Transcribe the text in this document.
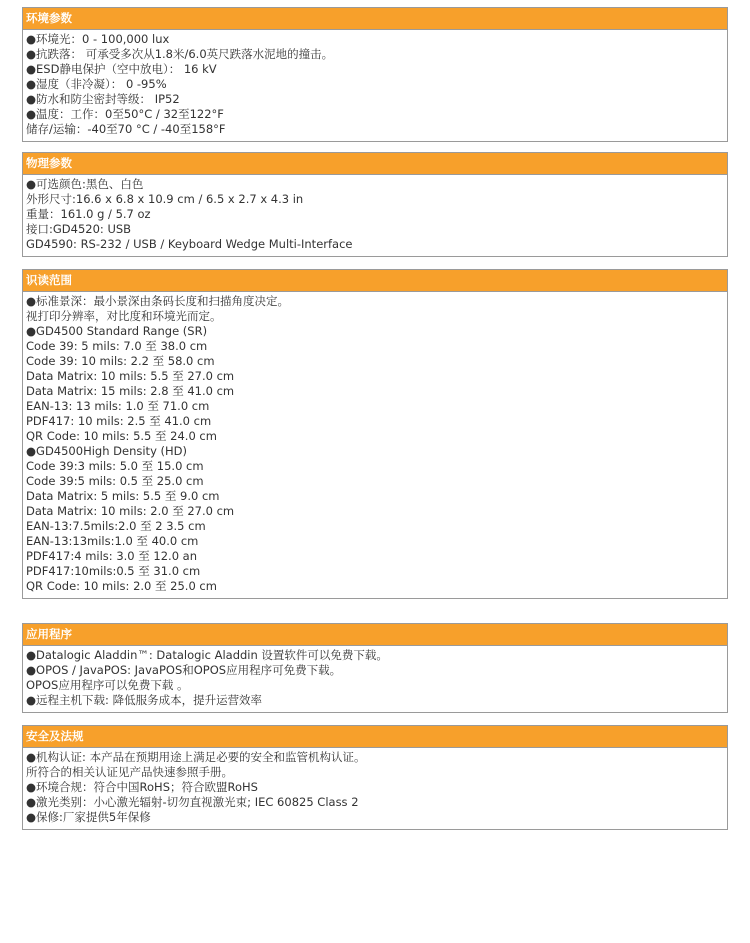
环境参数
●环境光：0 - 100,000 lux
●抗跌落： 可承受多次从1.8米/6.0英尺跌落水泥地的撞击。
●ESD静电保护（空中放电）： 16 kV
●湿度（非冷凝）： 0 -95%
●防水和防尘密封等级： IP52
●温度：工作：0至50°C / 32至122°F
储存/运输：-40至70 °C / -40至158°F
物理参数
●可选颜色:黑色、白色
外形尺寸:16.6 x 6.8 x 10.9 cm / 6.5 x 2.7 x 4.3 in
重量：161.0 g / 5.7 oz
接口:GD4520: USB
GD4590: RS-232 / USB / Keyboard Wedge Multi-Interface
识读范围
●标准景深：最小景深由条码长度和扫描角度决定。
视打印分辨率，对比度和环境光而定。
●GD4500 Standard Range (SR)
Code 39: 5 mils: 7.0 至 38.0 cm
Code 39: 10 mils: 2.2 至 58.0 cm
Data Matrix: 10 mils: 5.5 至 27.0 cm
Data Matrix: 15 mils: 2.8 至 41.0 cm
EAN-13: 13 mils: 1.0 至 71.0 cm
PDF417: 10 mils: 2.5 至 41.0 cm
QR Code: 10 mils: 5.5 至 24.0 cm
●GD4500High Density (HD)
Code 39:3 mils: 5.0 至 15.0 cm
Code 39:5 mils: 0.5 至 25.0 cm
Data Matrix: 5 mils: 5.5 至 9.0 cm
Data Matrix: 10 mils: 2.0 至 27.0 cm
EAN-13:7.5mils:2.0 至 2 3.5 cm
EAN-13:13mils:1.0 至 40.0 cm
PDF417:4 mils: 3.0 至 12.0 an
PDF417:10mils:0.5 至 31.0 cm
QR Code: 10 mils: 2.0 至 25.0 cm
应用程序
●Datalogic Aladdin™: Datalogic Aladdin 设置软件可以免费下载。
●OPOS / JavaPOS: JavaPOS和OPOS应用程序可免费下载。
OPOS应用程序可以免费下载 。
●远程主机下载: 降低服务成本，提升运营效率
安全及法规
●机构认证: 本产品在预期用途上满足必要的安全和监管机构认证。
所符合的相关认证见产品快速参照手册。
●环境合规：符合中国RoHS；符合欧盟RoHS
●激光类别：小心激光辐射-切勿直视激光束; IEC 60825 Class 2
●保修:厂家提供5年保修
